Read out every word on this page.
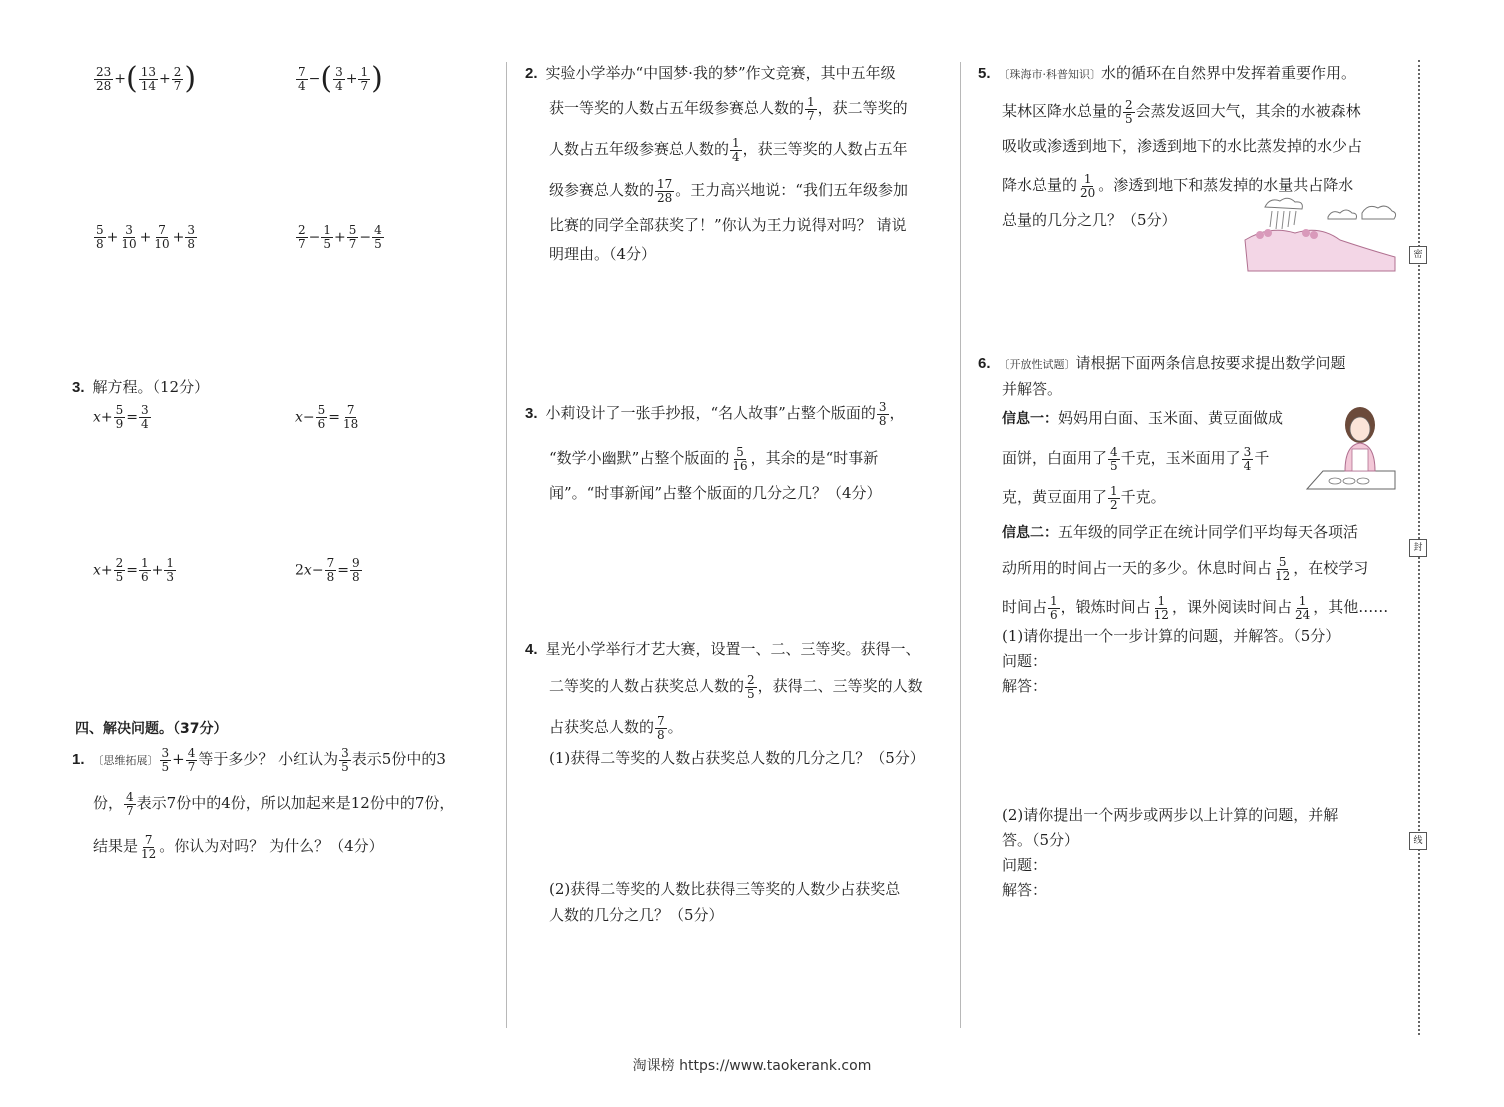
密
封
线
$\frac{23}{28}$ +( $\frac{13}{14} + \frac{2}{7}$ )	$\frac{7}{4}$ −( $\frac{3}{4} + \frac{1}{7}$ )
$\frac{5}{8} + \frac{3}{10} + \frac{7}{10} + \frac{3}{8}$	$\frac{2}{7} - \frac{1}{5} + \frac{5}{7} - \frac{4}{5}$
3. 解方程。（12分）
$x+ \frac{5}{9} = \frac{3}{4}$	$x- \frac{5}{6} = \frac{7}{18}$
$x+ \frac{2}{5} = \frac{1}{6} + \frac{1}{3}$	$2x- \frac{7}{8} = \frac{9}{8}$
四、解决问题。（37分）
1. 〔思维拓展〕 $\frac{3}{5} + \frac{4}{7}$ 等于多少？ 小红认为 $\frac{3}{5}$ 表示5份中的3
份， $\frac{4}{7}$ 表示7份中的4份，所以加起来是12份中的7份，
结果是 $\frac{7}{12}$ 。你认为对吗？ 为什么？（4分）
2. 实验小学举办“中国梦·我的梦”作文竞赛，其中五年级
获一等奖的人数占五年级参赛总人数的 $\frac{1}{7}$ ，获二等奖的
人数占五年级参赛总人数的 $\frac{1}{4}$ ，获三等奖的人数占五年
级参赛总人数的 $\frac{17}{28}$ 。王力高兴地说：“我们五年级参加
比赛的同学全部获奖了！”你认为王力说得对吗？ 请说
明理由。（4分）
3. 小莉设计了一张手抄报，“名人故事”占整个版面的 $\frac{3}{8}$ ，
“数学小幽默”占整个版面的 $\frac{5}{16}$ ，其余的是“时事新
闻”。“时事新闻”占整个版面的几分之几？（4分）
4. 星光小学举行才艺大赛，设置一、二、三等奖。获得一、
二等奖的人数占获奖总人数的 $\frac{2}{5}$ ，获得二、三等奖的人数
占获奖总人数的 $\frac{7}{8}$ 。
(1)获得二等奖的人数占获奖总人数的几分之几？（5分）
(2)获得二等奖的人数比获得三等奖的人数少占获奖总
人数的几分之几？（5分）
5. 〔珠海市·科普知识〕水的循环在自然界中发挥着重要作用。
某林区降水总量的 $\frac{2}{5}$ 会蒸发返回大气，其余的水被森林
吸收或渗透到地下，渗透到地下的水比蒸发掉的水少占
降水总量的 $\frac{1}{20}$ 。渗透到地下和蒸发掉的水量共占降水
总量的几分之几？（5分）
6. 〔开放性试题〕请根据下面两条信息按要求提出数学问题
并解答。
信息一：妈妈用白面、玉米面、黄豆面做成
面饼，白面用了 $\frac{4}{5}$ 千克，玉米面用了 $\frac{3}{4}$ 千
克，黄豆面用了 $\frac{1}{2}$ 千克。
信息二：五年级的同学正在统计同学们平均每天各项活
动所用的时间占一天的多少。休息时间占 $\frac{5}{12}$ ，在校学习
时间占 $\frac{1}{6}$ ，锻炼时间占 $\frac{1}{12}$ ，课外阅读时间占 $\frac{1}{24}$ ，其他……
(1)请你提出一个一步计算的问题，并解答。（5分）
问题：
解答：
(2)请你提出一个两步或两步以上计算的问题，并解
答。（5分）
问题：
解答：
淘课榜 https://www.taokerank.com
